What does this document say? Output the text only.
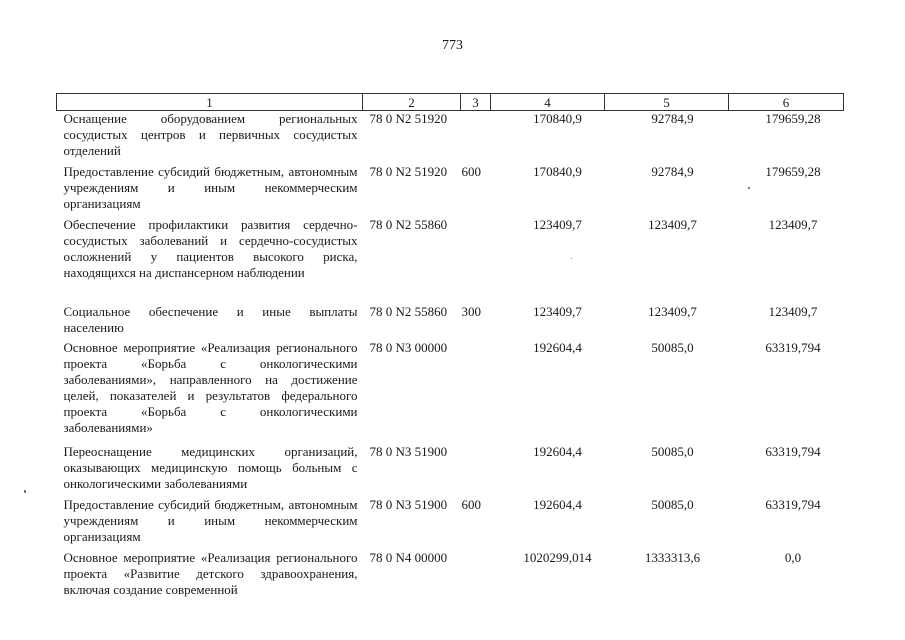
773
1	2	3	4	5	6
Оснащение оборудованием региональных сосудистых центров и первичных сосудистых отделений	78 0 N2 51920		170840,9	92784,9	179659,28
Предоставление субсидий бюджетным, автономным учреждениям и иным некоммерческим организациям	78 0 N2 51920	600	170840,9	92784,9	179659,28
Обеспечение профилактики развития сердечно-сосудистых заболеваний и сердечно-сосудистых осложнений у пациентов высокого риска, находящихся на диспансерном наблюдении	78 0 N2 55860		123409,7	123409,7	123409,7
Социальное обеспечение и иные выплаты населению	78 0 N2 55860	300	123409,7	123409,7	123409,7
Основное мероприятие «Реализация регионального проекта «Борьба с онкологическими заболеваниями», направленного на достижение целей, показателей и результатов федерального проекта «Борьба с онкологическими заболеваниями»	78 0 N3 00000		192604,4	50085,0	63319,794
Переоснащение медицинских организаций, оказывающих медицинскую помощь больным с онкологическими заболеваниями	78 0 N3 51900		192604,4	50085,0	63319,794
Предоставление субсидий бюджетным, автономным учреждениям и иным некоммерческим организациям	78 0 N3 51900	600	192604,4	50085,0	63319,794
Основное мероприятие «Реализация регионального проекта «Развитие детского здравоохранения, включая создание современной	78 0 N4 00000		1020299,014	1333313,6	0,0
